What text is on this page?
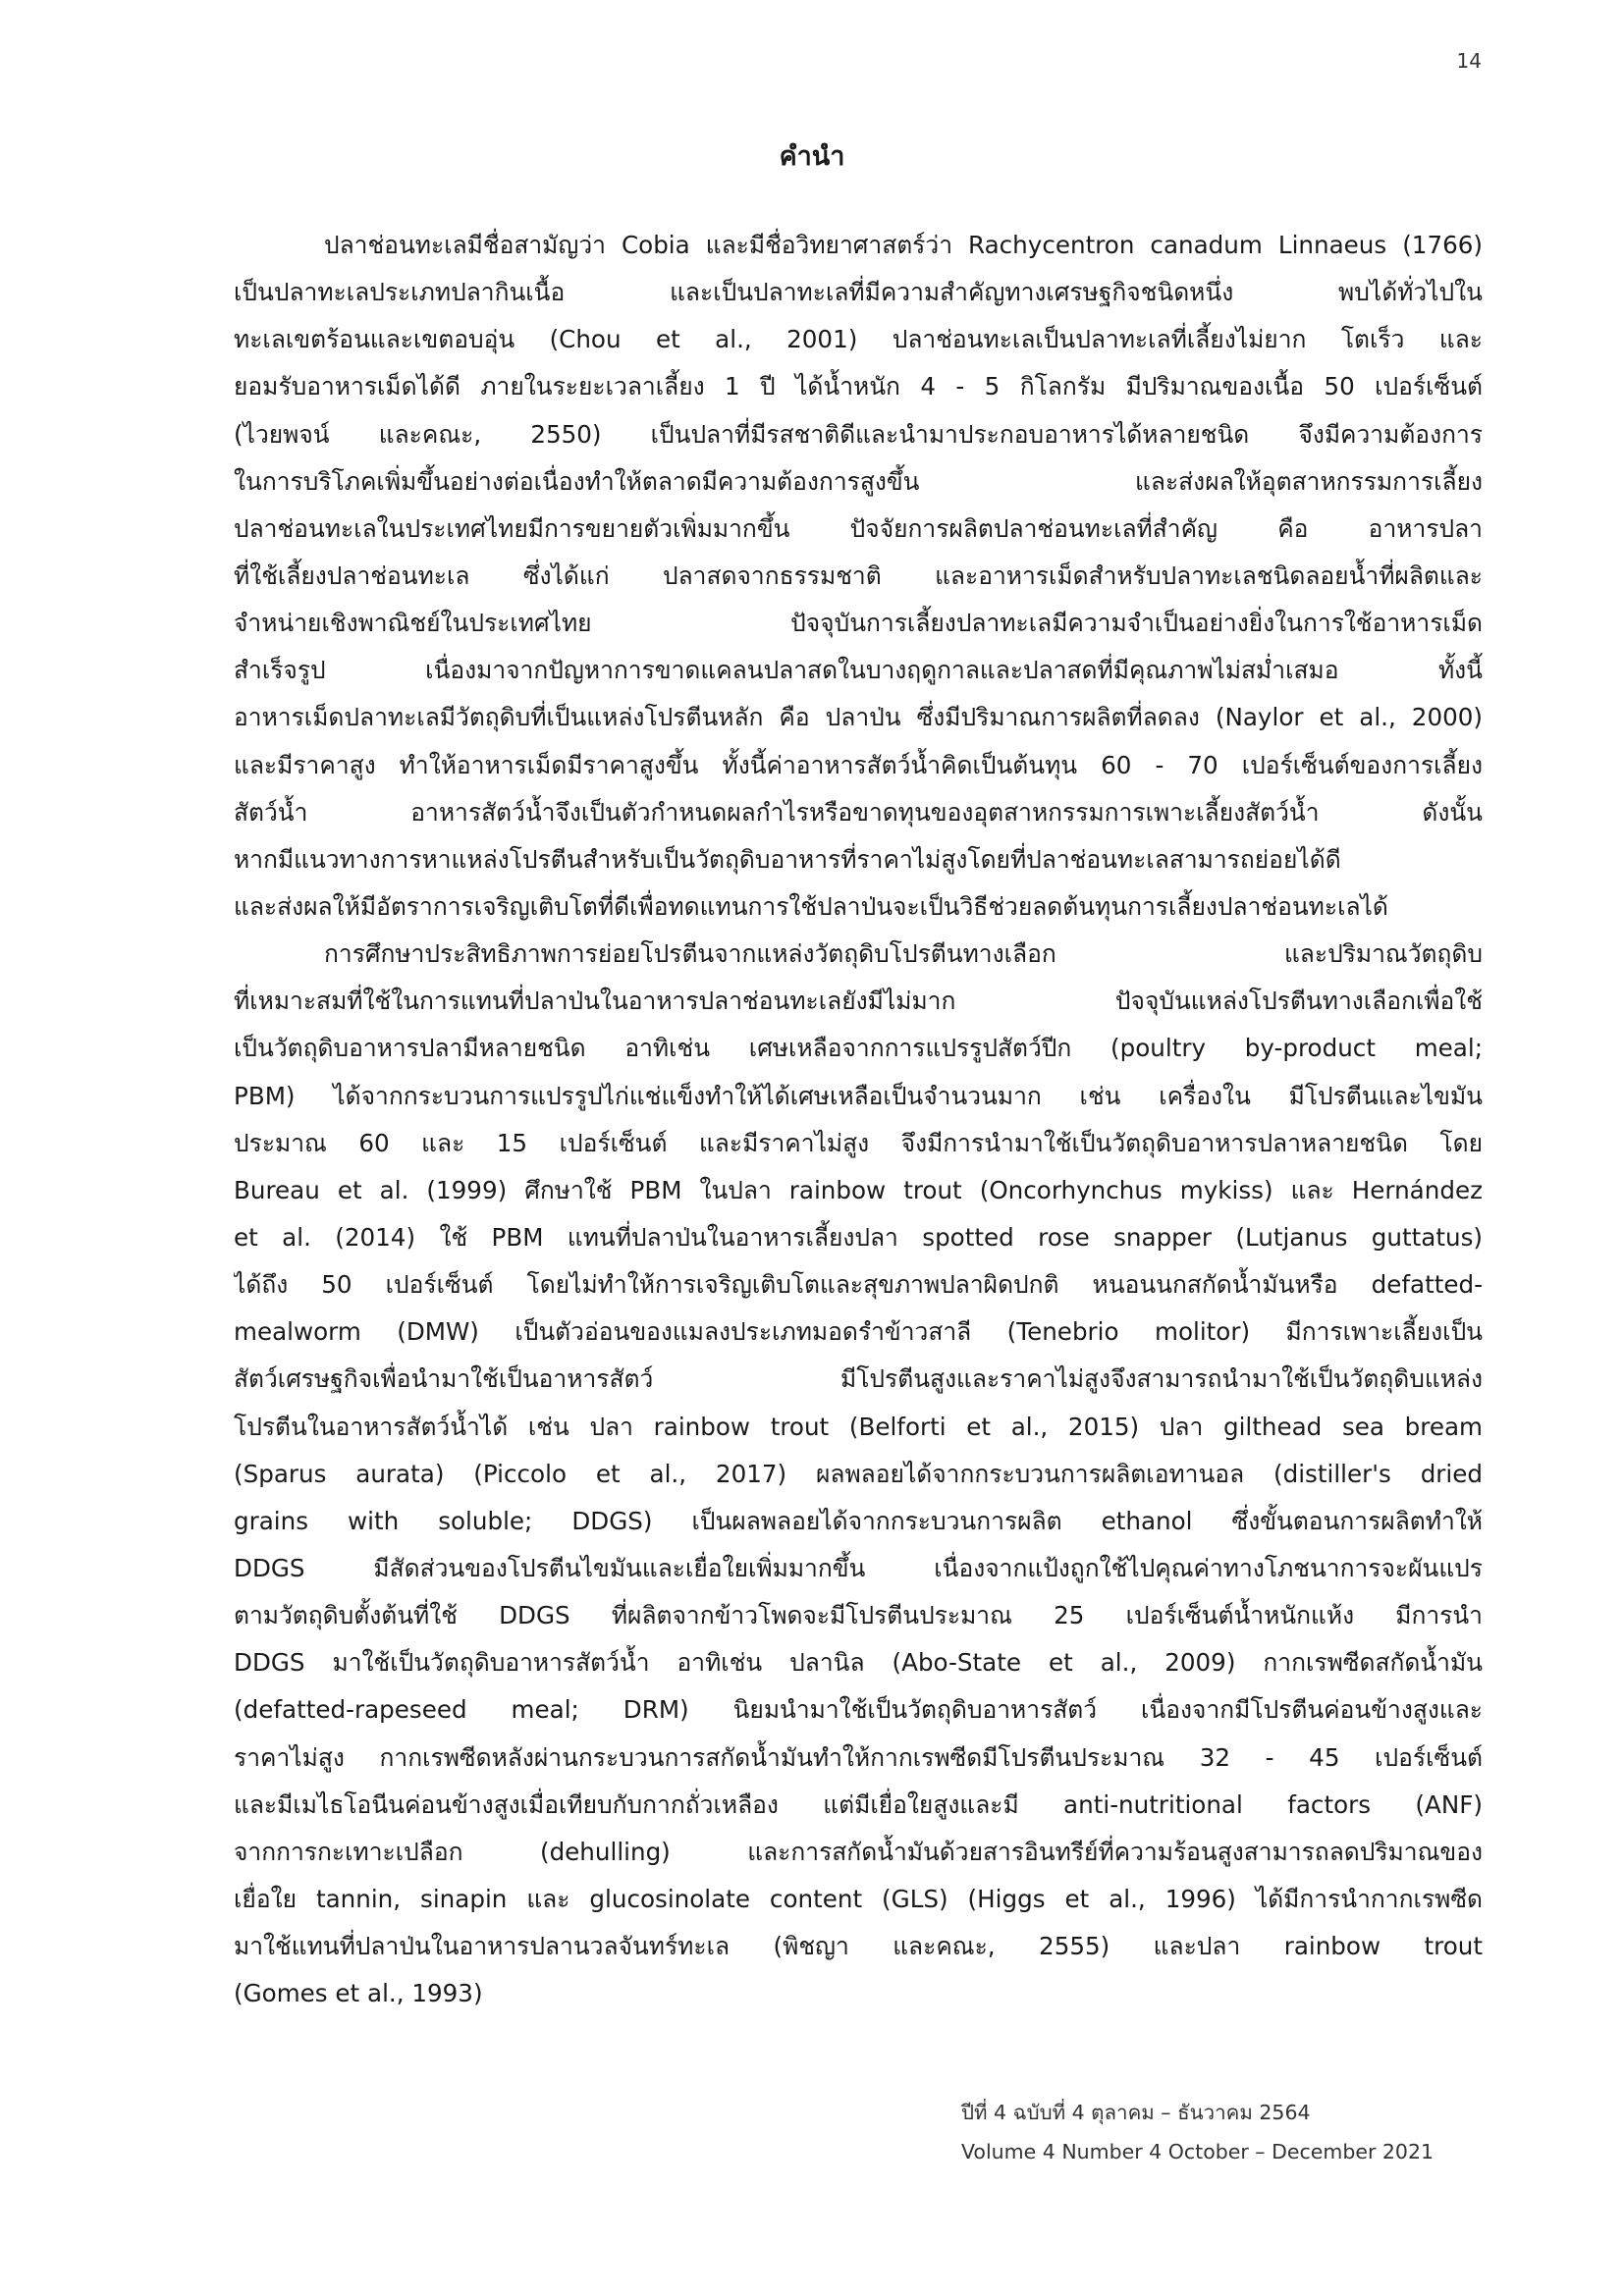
14
คำนำ
ปลาช่อนทะเลมีชื่อสามัญว่า Cobia และมีชื่อวิทยาศาสตร์ว่า Rachycentron canadum Linnaeus (1766)
เป็นปลาทะเลประเภทปลากินเนื้อ และเป็นปลาทะเลที่มีความสำคัญทางเศรษฐกิจชนิดหนึ่ง พบได้ทั่วไปใน
ทะเลเขตร้อนและเขตอบอุ่น (Chou et al., 2001) ปลาช่อนทะเลเป็นปลาทะเลที่เลี้ยงไม่ยาก โตเร็ว และ
ยอมรับอาหารเม็ดได้ดี ภายในระยะเวลาเลี้ยง 1 ปี ได้น้ำหนัก 4 - 5 กิโลกรัม มีปริมาณของเนื้อ 50 เปอร์เซ็นต์
(ไวยพจน์ และคณะ, 2550) เป็นปลาที่มีรสชาติดีและนำมาประกอบอาหารได้หลายชนิด จึงมีความต้องการ
ในการบริโภคเพิ่มขึ้นอย่างต่อเนื่องทำให้ตลาดมีความต้องการสูงขึ้น และส่งผลให้อุตสาหกรรมการเลี้ยง
ปลาช่อนทะเลในประเทศไทยมีการขยายตัวเพิ่มมากขึ้น ปัจจัยการผลิตปลาช่อนทะเลที่สำคัญ คือ อาหารปลา
ที่ใช้เลี้ยงปลาช่อนทะเล ซึ่งได้แก่ ปลาสดจากธรรมชาติ และอาหารเม็ดสำหรับปลาทะเลชนิดลอยน้ำที่ผลิตและ
จำหน่ายเชิงพาณิชย์ในประเทศไทย ปัจจุบันการเลี้ยงปลาทะเลมีความจำเป็นอย่างยิ่งในการใช้อาหารเม็ด
สำเร็จรูป เนื่องมาจากปัญหาการขาดแคลนปลาสดในบางฤดูกาลและปลาสดที่มีคุณภาพไม่สม่ำเสมอ ทั้งนี้
อาหารเม็ดปลาทะเลมีวัตถุดิบที่เป็นแหล่งโปรตีนหลัก คือ ปลาป่น ซึ่งมีปริมาณการผลิตที่ลดลง (Naylor et al., 2000)
และมีราคาสูง ทำให้อาหารเม็ดมีราคาสูงขึ้น ทั้งนี้ค่าอาหารสัตว์น้ำคิดเป็นต้นทุน 60 - 70 เปอร์เซ็นต์ของการเลี้ยง
สัตว์น้ำ อาหารสัตว์น้ำจึงเป็นตัวกำหนดผลกำไรหรือขาดทุนของอุตสาหกรรมการเพาะเลี้ยงสัตว์น้ำ ดังนั้น
หากมีแนวทางการหาแหล่งโปรตีนสำหรับเป็นวัตถุดิบอาหารที่ราคาไม่สูงโดยที่ปลาช่อนทะเลสามารถย่อยได้ดี
และส่งผลให้มีอัตราการเจริญเติบโตที่ดีเพื่อทดแทนการใช้ปลาป่นจะเป็นวิธีช่วยลดต้นทุนการเลี้ยงปลาช่อนทะเลได้
การศึกษาประสิทธิภาพการย่อยโปรตีนจากแหล่งวัตถุดิบโปรตีนทางเลือก และปริมาณวัตถุดิบ
ที่เหมาะสมที่ใช้ในการแทนที่ปลาป่นในอาหารปลาช่อนทะเลยังมีไม่มาก ปัจจุบันแหล่งโปรตีนทางเลือกเพื่อใช้
เป็นวัตถุดิบอาหารปลามีหลายชนิด อาทิเช่น เศษเหลือจากการแปรรูปสัตว์ปีก (poultry by-product meal;
PBM) ได้จากกระบวนการแปรรูปไก่แช่แข็งทำให้ได้เศษเหลือเป็นจำนวนมาก เช่น เครื่องใน มีโปรตีนและไขมัน
ประมาณ 60 และ 15 เปอร์เซ็นต์ และมีราคาไม่สูง จึงมีการนำมาใช้เป็นวัตถุดิบอาหารปลาหลายชนิด โดย
Bureau et al. (1999) ศึกษาใช้ PBM ในปลา rainbow trout (Oncorhynchus mykiss) และ Hernández
et al. (2014) ใช้ PBM แทนที่ปลาป่นในอาหารเลี้ยงปลา spotted rose snapper (Lutjanus guttatus)
ได้ถึง 50 เปอร์เซ็นต์ โดยไม่ทำให้การเจริญเติบโตและสุขภาพปลาผิดปกติ หนอนนกสกัดน้ำมันหรือ defatted-
mealworm (DMW) เป็นตัวอ่อนของแมลงประเภทมอดรำข้าวสาลี (Tenebrio molitor) มีการเพาะเลี้ยงเป็น
สัตว์เศรษฐกิจเพื่อนำมาใช้เป็นอาหารสัตว์ มีโปรตีนสูงและราคาไม่สูงจึงสามารถนำมาใช้เป็นวัตถุดิบแหล่ง
โปรตีนในอาหารสัตว์น้ำได้ เช่น ปลา rainbow trout (Belforti et al., 2015) ปลา gilthead sea bream
(Sparus aurata) (Piccolo et al., 2017) ผลพลอยได้จากกระบวนการผลิตเอทานอล (distiller's dried
grains with soluble; DDGS) เป็นผลพลอยได้จากกระบวนการผลิต ethanol ซึ่งขั้นตอนการผลิตทำให้
DDGS มีสัดส่วนของโปรตีนไขมันและเยื่อใยเพิ่มมากขึ้น เนื่องจากแป้งถูกใช้ไปคุณค่าทางโภชนาการจะผันแปร
ตามวัตถุดิบตั้งต้นที่ใช้ DDGS ที่ผลิตจากข้าวโพดจะมีโปรตีนประมาณ 25 เปอร์เซ็นต์น้ำหนักแห้ง มีการนำ
DDGS มาใช้เป็นวัตถุดิบอาหารสัตว์น้ำ อาทิเช่น ปลานิล (Abo-State et al., 2009) กากเรพซีดสกัดน้ำมัน
(defatted-rapeseed meal; DRM) นิยมนำมาใช้เป็นวัตถุดิบอาหารสัตว์ เนื่องจากมีโปรตีนค่อนข้างสูงและ
ราคาไม่สูง กากเรพซีดหลังผ่านกระบวนการสกัดน้ำมันทำให้กากเรพซีดมีโปรตีนประมาณ 32 - 45 เปอร์เซ็นต์
และมีเมไธโอนีนค่อนข้างสูงเมื่อเทียบกับกากถั่วเหลือง แต่มีเยื่อใยสูงและมี anti-nutritional factors (ANF)
จากการกะเทาะเปลือก (dehulling) และการสกัดน้ำมันด้วยสารอินทรีย์ที่ความร้อนสูงสามารถลดปริมาณของ
เยื่อใย tannin, sinapin และ glucosinolate content (GLS) (Higgs et al., 1996) ได้มีการนำกากเรพซีด
มาใช้แทนที่ปลาป่นในอาหารปลานวลจันทร์ทะเล (พิชญา และคณะ, 2555) และปลา rainbow trout
(Gomes et al., 1993)
ปีที่ 4 ฉบับที่ 4 ตุลาคม – ธันวาคม 2564
Volume 4 Number 4 October – December 2021
